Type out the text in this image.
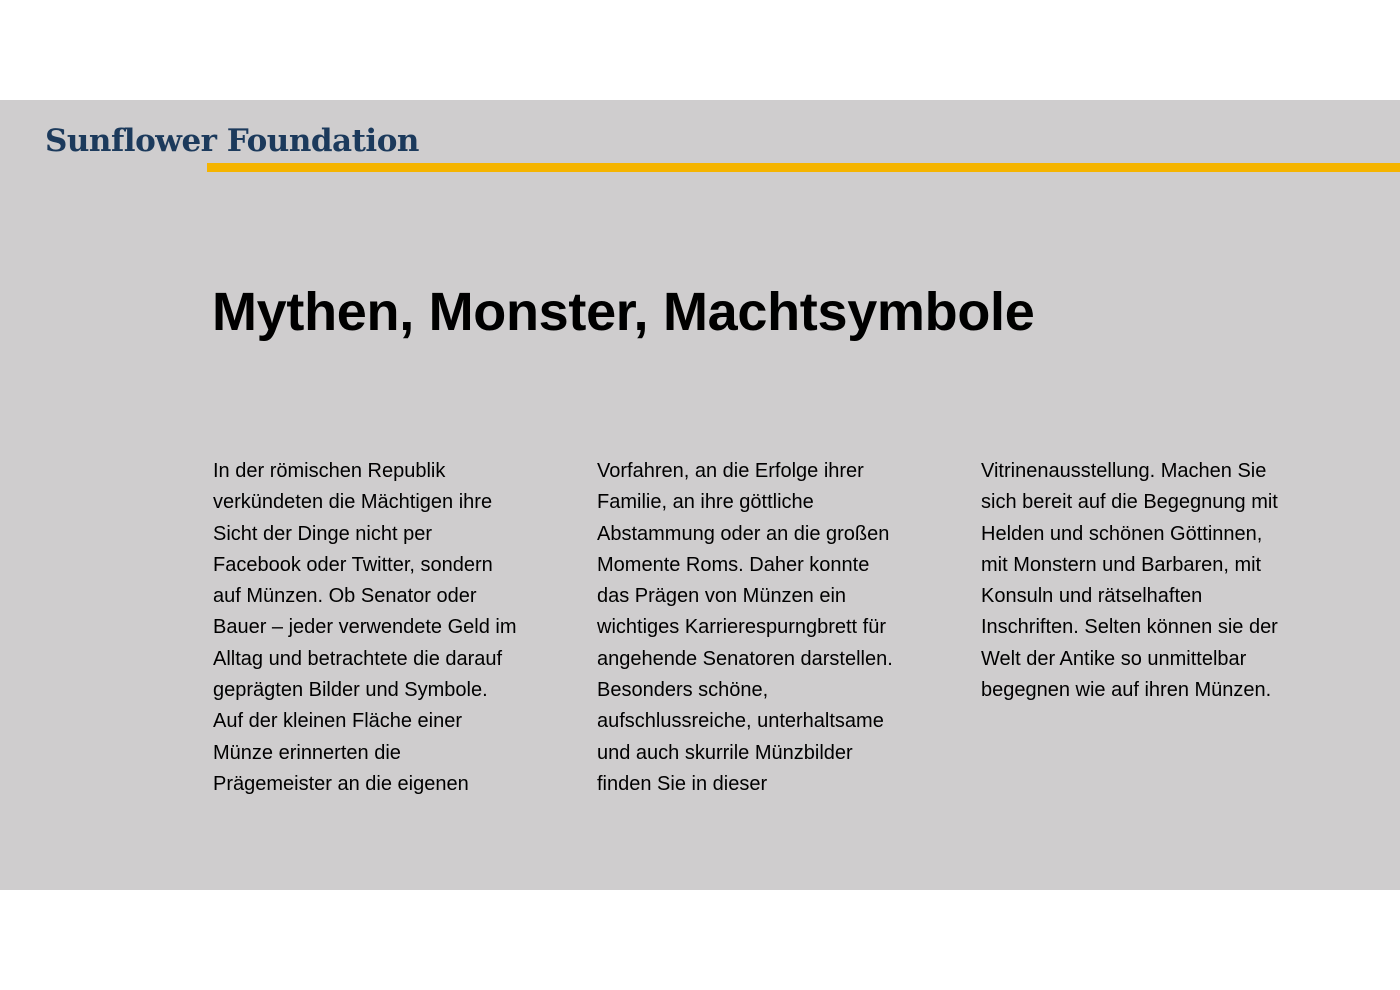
Sunflower Foundation

Mythen, Monster, Machtsymbole

In der römischen Republik
verkündeten die Mächtigen ihre
Sicht der Dinge nicht per
Facebook oder Twitter, sondern
auf Münzen. Ob Senator oder
Bauer – jeder verwendete Geld im
Alltag und betrachtete die darauf
geprägten Bilder und Symbole.
Auf der kleinen Fläche einer
Münze erinnerten die
Prägemeister an die eigenen

Vorfahren, an die Erfolge ihrer
Familie, an ihre göttliche
Abstammung oder an die großen
Momente Roms. Daher konnte
das Prägen von Münzen ein
wichtiges Karrierespurngbrett für
angehende Senatoren darstellen.
Besonders schöne,
aufschlussreiche, unterhaltsame
und auch skurrile Münzbilder
finden Sie in dieser

Vitrinenausstellung. Machen Sie
sich bereit auf die Begegnung mit
Helden und schönen Göttinnen,
mit Monstern und Barbaren, mit
Konsuln und rätselhaften
Inschriften. Selten können sie der
Welt der Antike so unmittelbar
begegnen wie auf ihren Münzen.
